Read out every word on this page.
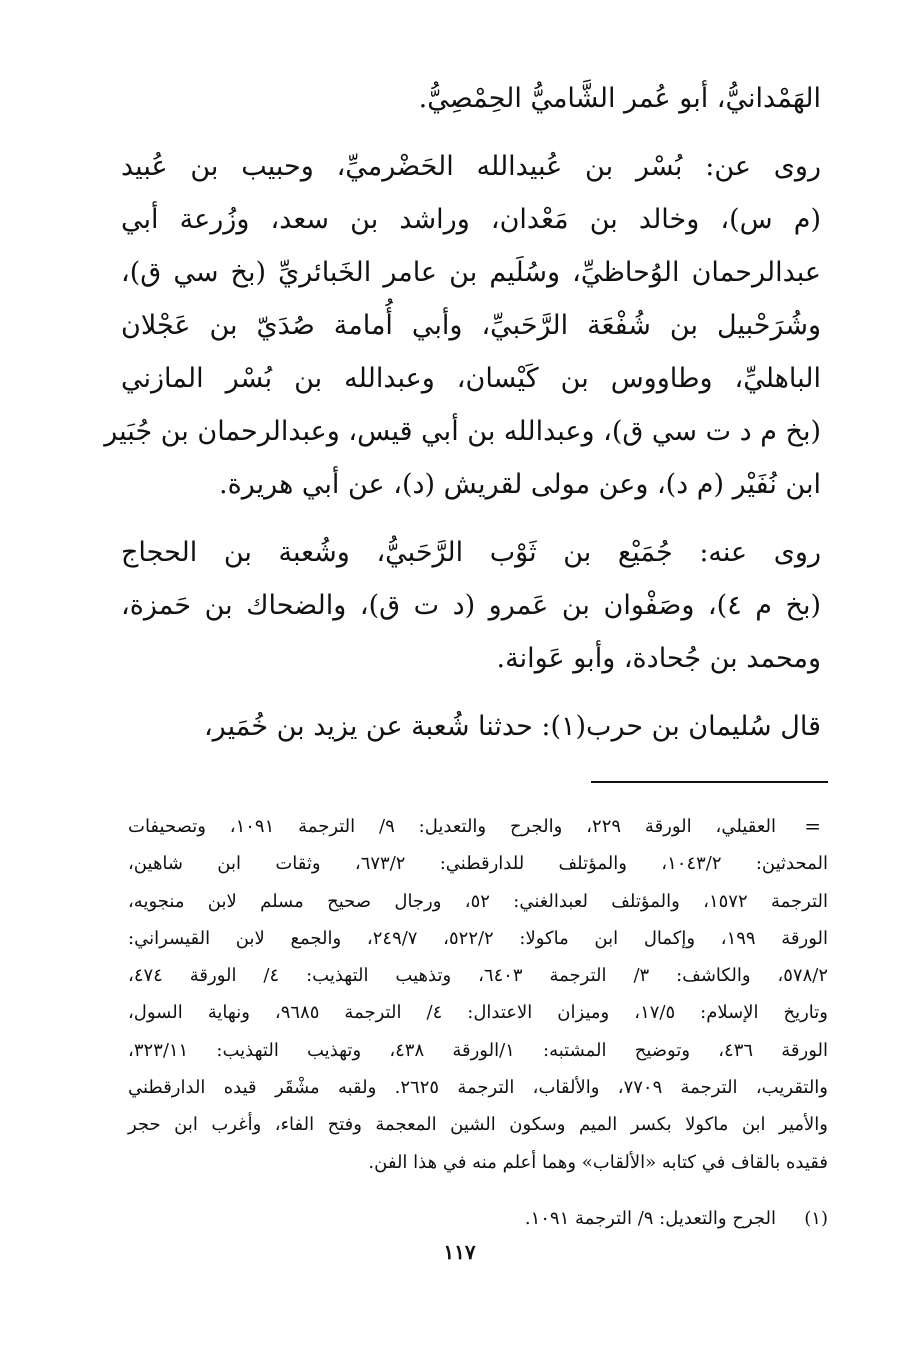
الهَمْدانيُّ، أبو عُمر الشَّاميُّ الحِمْصِيُّ.
روى عن: بُسْر بن عُبيدالله الحَضْرميِّ، وحبيب بن عُبيد
(م س)، وخالد بن مَعْدان، وراشد بن سعد، وزُرعة أبي
عبدالرحمان الوُحاظيِّ، وسُلَيم بن عامر الخَبائريِّ (بخ سي ق)،
وشُرَحْبيل بن شُفْعَة الرَّحَبيِّ، وأبي أُمامة صُدَيّ بن عَجْلان
الباهليِّ، وطاووس بن كَيْسان، وعبدالله بن بُسْر المازني
(بخ م د ت سي ق)، وعبدالله بن أبي قيس، وعبدالرحمان بن جُبَير
ابن نُفَيْر (م د)، وعن مولى لقريش (د)، عن أبي هريرة.
روى عنه: جُمَيْع بن ثَوْب الرَّحَبيُّ، وشُعبة بن الحجاج
(بخ م ٤)، وصَفْوان بن عَمرو (د ت ق)، والضحاك بن حَمزة،
ومحمد بن جُحادة، وأبو عَوانة.
قال سُليمان بن حرب(١): حدثنا شُعبة عن يزيد بن خُمَير،
=
العقيلي، الورقة ٢٢٩، والجرح والتعديل: ٩/ الترجمة ١٠٩١، وتصحيفات
المحدثين: ١٠٤٣/٢، والمؤتلف للدارقطني: ٦٧٣/٢، وثقات ابن شاهين،
الترجمة ١٥٧٢، والمؤتلف لعبدالغني: ٥٢، ورجال صحيح مسلم لابن منجويه،
الورقة ١٩٩، وإكمال ابن ماكولا: ٥٢٢/٢، ٢٤٩/٧، والجمع لابن القيسراني:
٥٧٨/٢، والكاشف: ٣/ الترجمة ٦٤٠٣، وتذهيب التهذيب: ٤/ الورقة ٤٧٤،
وتاريخ الإسلام: ١٧/٥، وميزان الاعتدال: ٤/ الترجمة ٩٦٨٥، ونهاية السول،
الورقة ٤٣٦، وتوضيح المشتبه: ١/الورقة ٤٣٨، وتهذيب التهذيب: ٣٢٣/١١،
والتقريب، الترجمة ٧٧٠٩، والألقاب، الترجمة ٢٦٢٥. ولقبه مشْقَر قيده الدارقطني
والأمير ابن ماكولا بكسر الميم وسكون الشين المعجمة وفتح الفاء، وأغرب ابن حجر
فقيده بالقاف في كتابه «الألقاب» وهما أعلم منه في هذا الفن.
(١)
الجرح والتعديل: ٩/ الترجمة ١٠٩١.
١١٧
